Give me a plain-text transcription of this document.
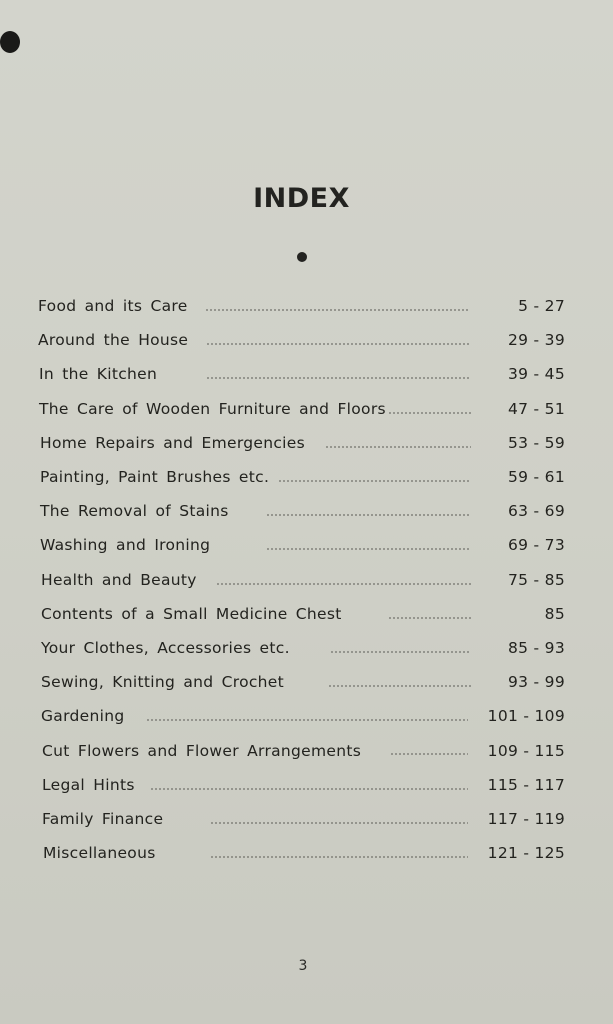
INDEX
Food and its Care	5 - 27
Around the House	29 - 39
In the Kitchen	39 - 45
The Care of Wooden Furniture and Floors	47 - 51
Home Repairs and Emergencies	53 - 59
Painting, Paint Brushes etc.	59 - 61
The Removal of Stains	63 - 69
Washing and Ironing	69 - 73
Health and Beauty	75 - 85
Contents of a Small Medicine Chest	85
Your Clothes, Accessories etc.	85 - 93
Sewing, Knitting and Crochet	93 - 99
Gardening	101 - 109
Cut Flowers and Flower Arrangements	109 - 115
Legal Hints	115 - 117
Family Finance	117 - 119
Miscellaneous	121 - 125
3
